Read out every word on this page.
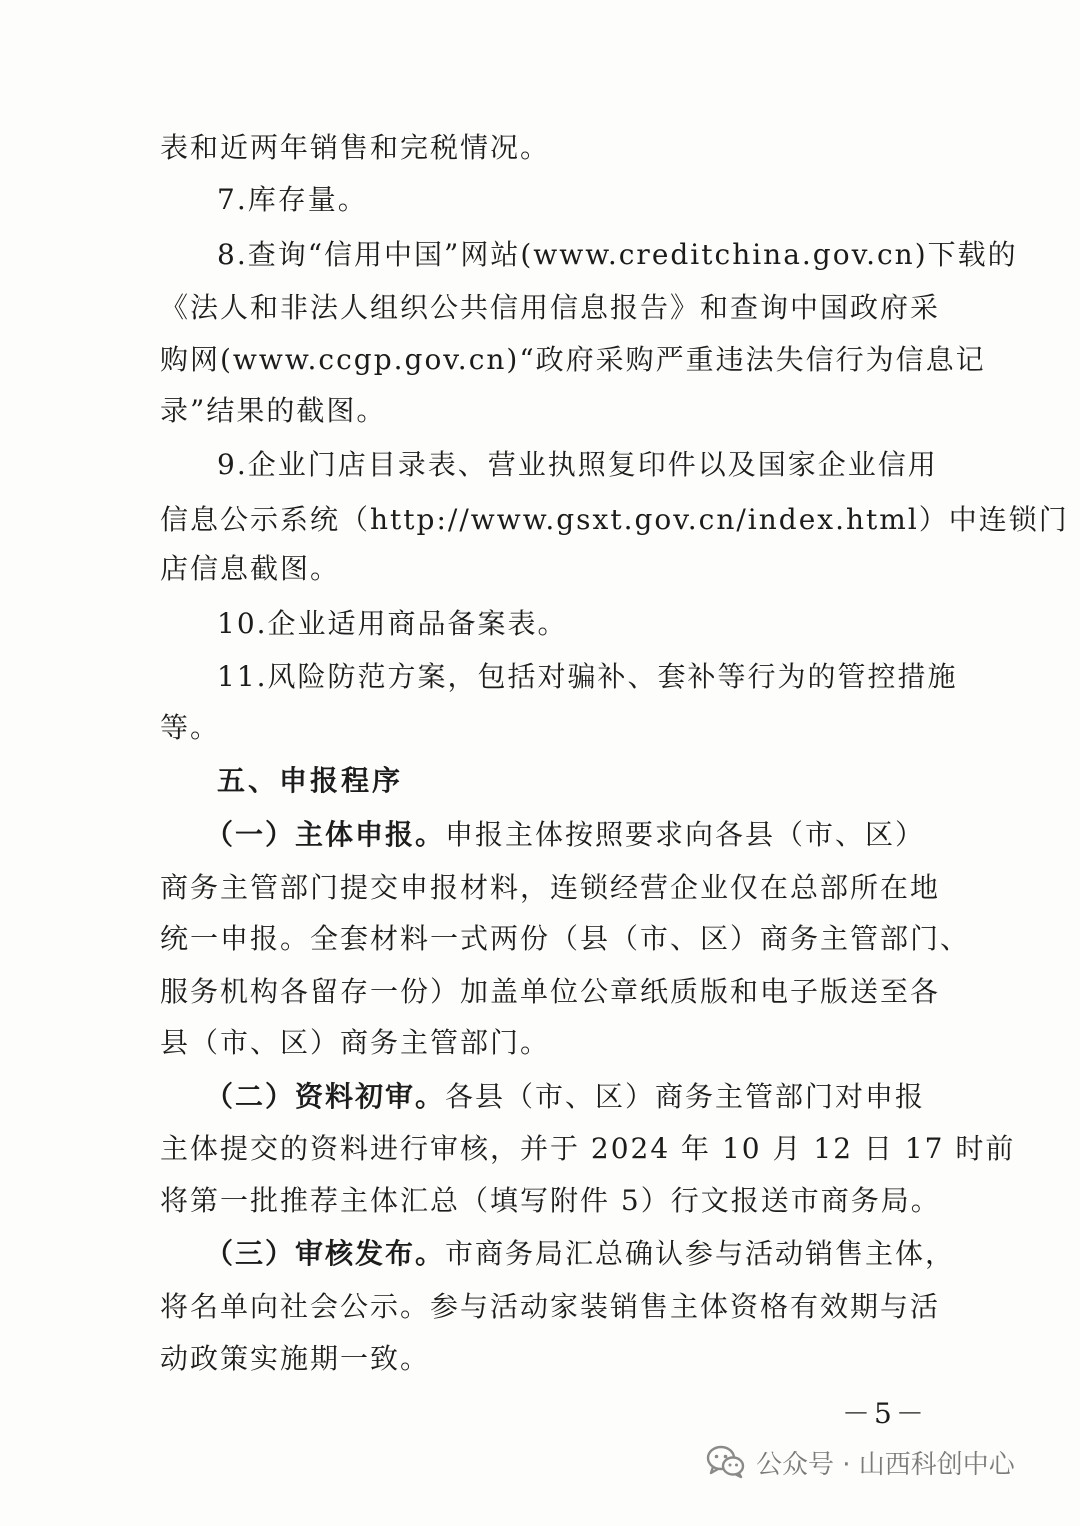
表和近两年销售和完税情况。
7.库存量。
8.查询“信用中国”网站(www.creditchina.gov.cn)下载的
《法人和非法人组织公共信用信息报告》和查询中国政府采
购网(www.ccgp.gov.cn)“政府采购严重违法失信行为信息记
录”结果的截图。
9.企业门店目录表、营业执照复印件以及国家企业信用
信息公示系统（http://www.gsxt.gov.cn/index.html）中连锁门
店信息截图。
10.企业适用商品备案表。
11.风险防范方案，包括对骗补、套补等行为的管控措施
等。
五、申报程序
（一）主体申报。申报主体按照要求向各县（市、区）
商务主管部门提交申报材料，连锁经营企业仅在总部所在地
统一申报。全套材料一式两份（县（市、区）商务主管部门、
服务机构各留存一份）加盖单位公章纸质版和电子版送至各
县（市、区）商务主管部门。
（二）资料初审。各县（市、区）商务主管部门对申报
主体提交的资料进行审核，并于 2024 年 10 月 12 日 17 时前
将第一批推荐主体汇总（填写附件 5）行文报送市商务局。
（三）审核发布。市商务局汇总确认参与活动销售主体，
将名单向社会公示。参与活动家装销售主体资格有效期与活
动政策实施期一致。
－5－
公众号 · 山西科创中心
